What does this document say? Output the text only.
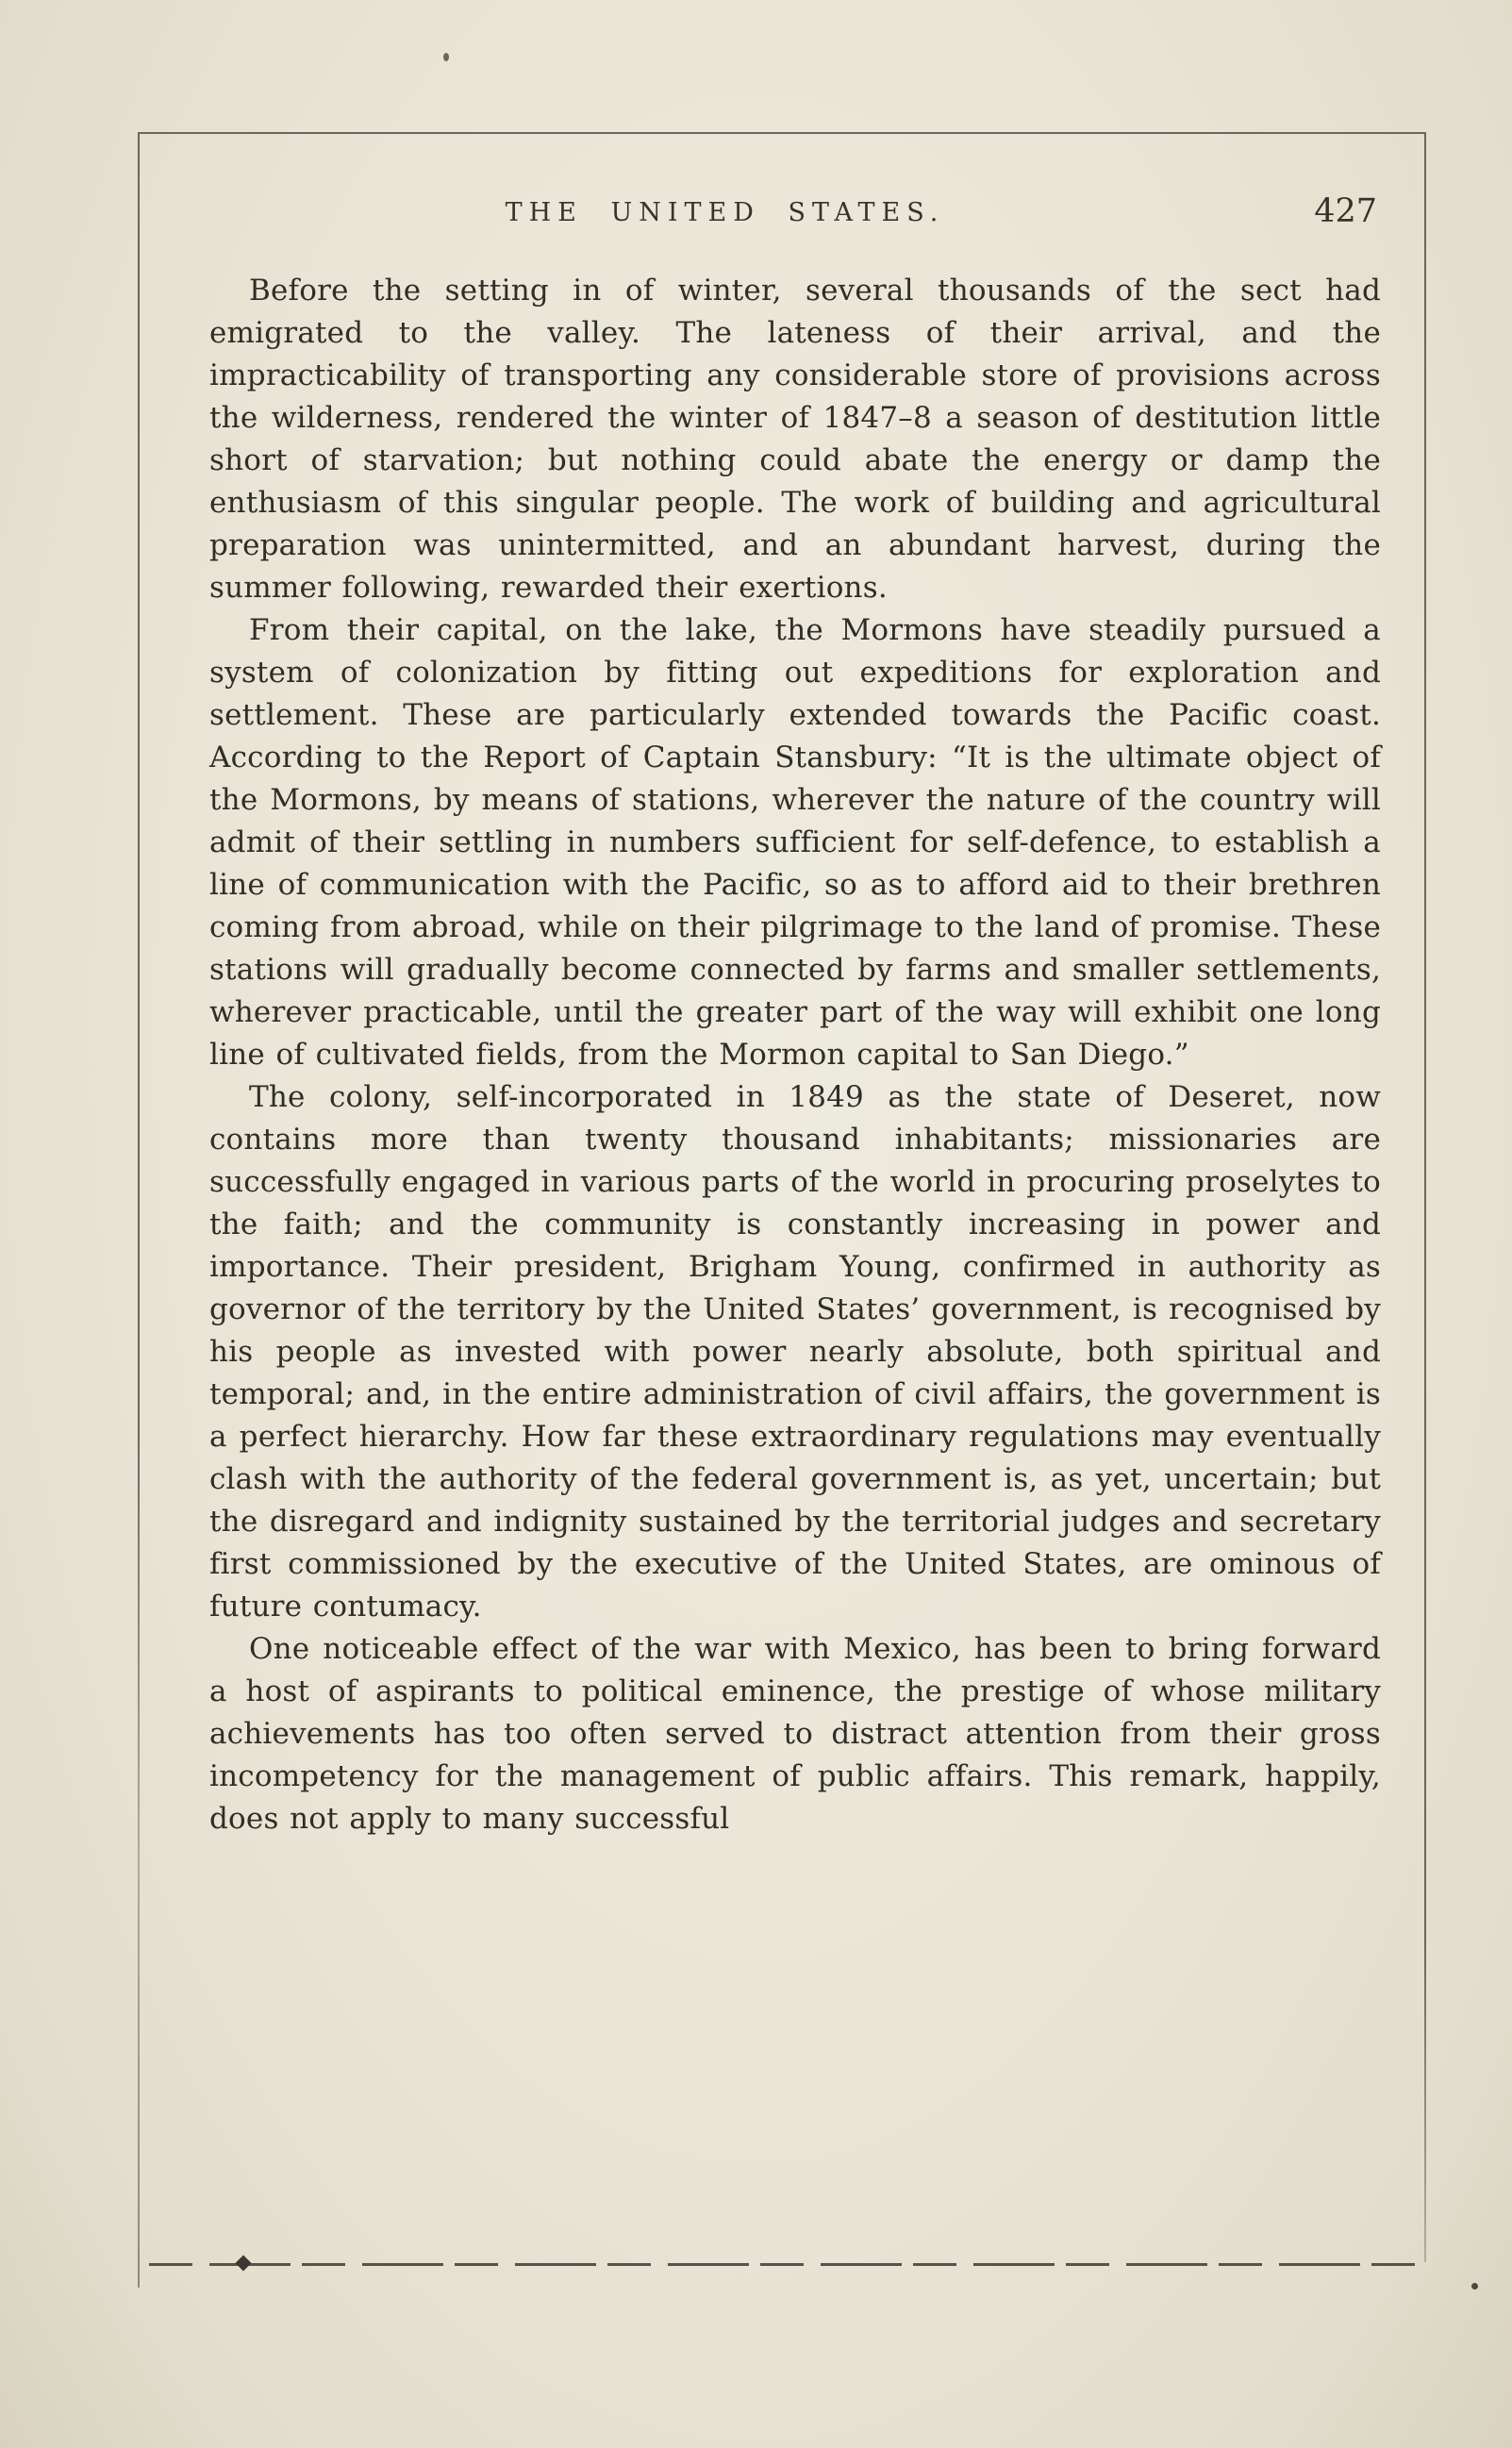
THE UNITED STATES.	427

Before the setting in of winter, several thousands of the sect had emigrated to the valley. The lateness of their arrival, and the impracticability of transporting any considerable store of provisions across the wilderness, rendered the winter of 1847–8 a season of destitution little short of starvation; but nothing could abate the energy or damp the enthusiasm of this singular people. The work of building and agricultural preparation was unintermitted, and an abundant harvest, during the summer following, rewarded their exertions.

From their capital, on the lake, the Mormons have steadily pursued a system of colonization by fitting out expeditions for exploration and settlement. These are particularly extended towards the Pacific coast. According to the Report of Captain Stansbury: “It is the ultimate object of the Mormons, by means of stations, wherever the nature of the country will admit of their settling in numbers sufficient for self-defence, to establish a line of communication with the Pacific, so as to afford aid to their brethren coming from abroad, while on their pilgrimage to the land of promise. These stations will gradually become connected by farms and smaller settlements, wherever practicable, until the greater part of the way will exhibit one long line of cultivated fields, from the Mormon capital to San Diego.”

The colony, self-incorporated in 1849 as the state of Deseret, now contains more than twenty thousand inhabitants; missionaries are successfully engaged in various parts of the world in procuring proselytes to the faith; and the community is constantly increasing in power and importance. Their president, Brigham Young, confirmed in authority as governor of the territory by the United States’ government, is recognised by his people as invested with power nearly absolute, both spiritual and temporal; and, in the entire administration of civil affairs, the government is a perfect hierarchy. How far these extraordinary regulations may eventually clash with the authority of the federal government is, as yet, uncertain; but the disregard and indignity sustained by the territorial judges and secretary first commissioned by the executive of the United States, are ominous of future contumacy.

One noticeable effect of the war with Mexico, has been to bring forward a host of aspirants to political eminence, the prestige of whose military achievements has too often served to distract attention from their gross incompetency for the management of public affairs. This remark, happily, does not apply to many successful
